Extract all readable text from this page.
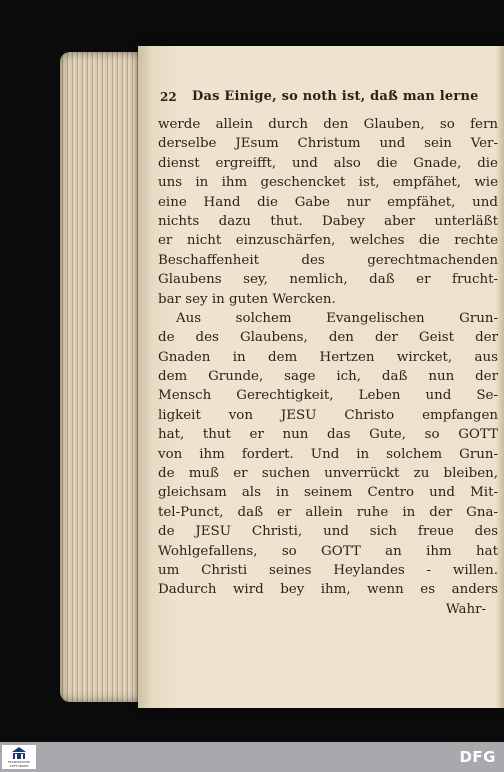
22 Das Einige, so noth ist, daß man lerne
werde allein durch den Glauben, so fern
derselbe JEsum Christum und sein Ver-
dienst ergreifft, und also die Gnade, die
uns in ihm geschencket ist, empfähet, wie
eine Hand die Gabe nur empfähet, und
nichts dazu thut. Dabey aber unterläßt
er nicht einzuschärfen, welches die rechte
Beschaffenheit des gerechtmachenden
Glaubens sey, nemlich, daß er frucht-
bar sey in guten Wercken.
Aus solchem Evangelischen Grun-
de des Glaubens, den der Geist der
Gnaden in dem Hertzen wircket, aus
dem Grunde, sage ich, daß nun der
Mensch Gerechtigkeit, Leben und Se-
ligkeit von JESU Christo empfangen
hat, thut er nun das Gute, so GOTT
von ihm fordert. Und in solchem Grun-
de muß er suchen unverrückt zu bleiben,
gleichsam als in seinem Centro und Mit-
tel-Punct, daß er allein ruhe in der Gna-
de JESU Christi, und sich freue des
Wohlgefallens, so GOTT an ihm hat
um Christi seines Heylandes - willen.
Dadurch wird bey ihm, wenn es anders
Wahr-
FRANCKESCHE STIFTUNGEN	DFG
